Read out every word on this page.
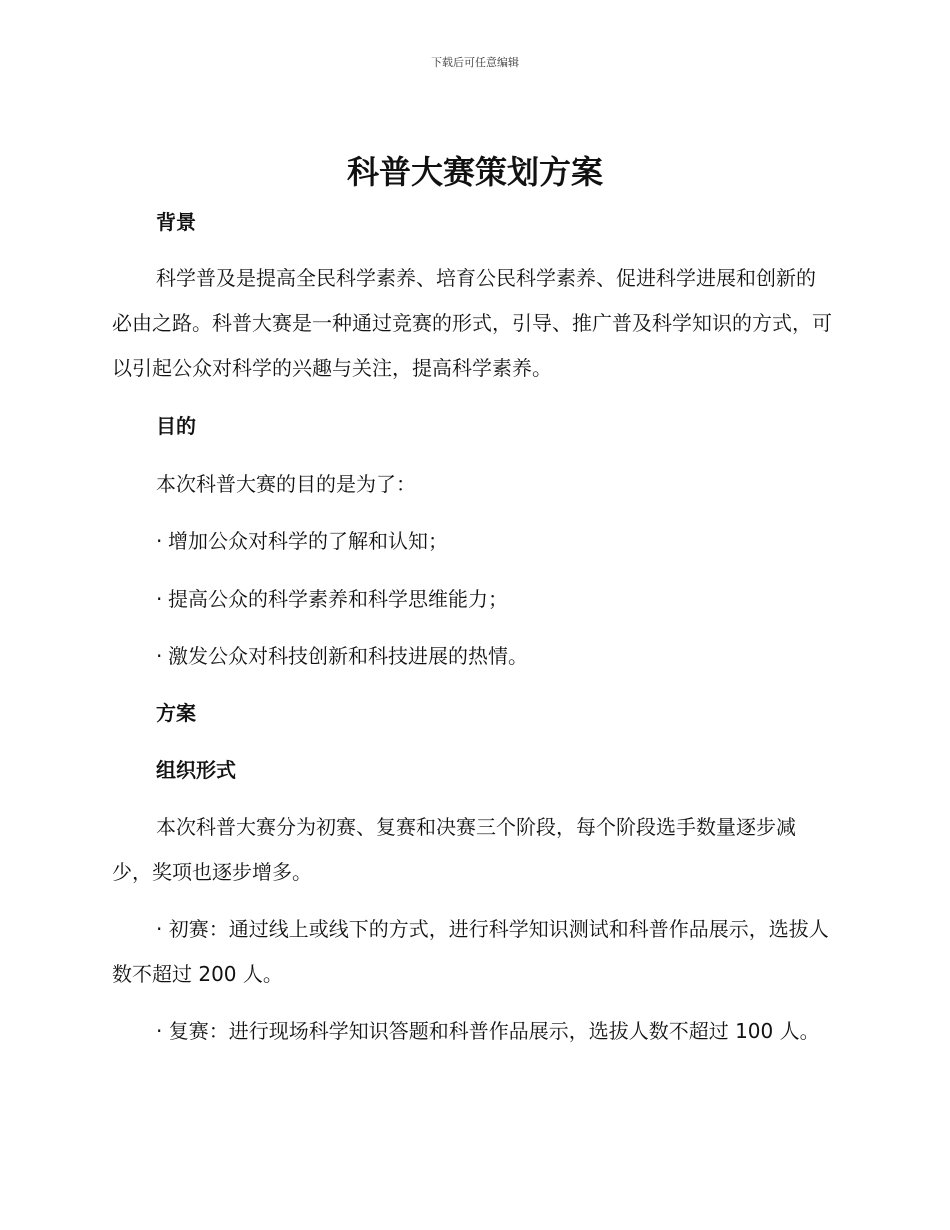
下载后可任意编辑
科普大赛策划方案
背景

科学普及是提高全民科学素养、培育公民科学素养、促进科学进展和创新的必由之路。科普大赛是一种通过竞赛的形式，引导、推广普及科学知识的方式，可以引起公众对科学的兴趣与关注，提高科学素养。

目的

本次科普大赛的目的是为了：

· 增加公众对科学的了解和认知；

· 提高公众的科学素养和科学思维能力；

· 激发公众对科技创新和科技进展的热情。

方案
组织形式

本次科普大赛分为初赛、复赛和决赛三个阶段，每个阶段选手数量逐步减少，奖项也逐步增多。

· 初赛：通过线上或线下的方式，进行科学知识测试和科普作品展示，选拔人数不超过 200 人。

· 复赛：进行现场科学知识答题和科普作品展示，选拔人数不超过 100 人。
